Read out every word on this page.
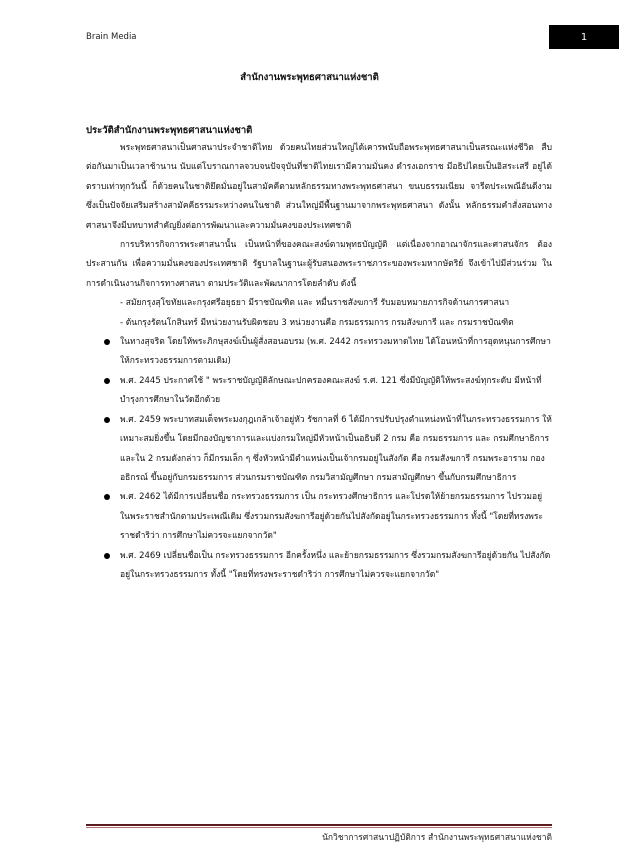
Brain Media	1
สำนักงานพระพุทธศาสนาแห่งชาติ
ประวัติสำนักงานพระพุทธศาสนาแห่งชาติ

พระพุทธศาสนาเป็นศาสนาประจำชาติไทย ด้วยคนไทยส่วนใหญ่ได้เคารพนับถือพระพุทธศาสนาเป็นสรณะแห่งชีวิต สืบต่อกันมาเป็นเวลาช้านาน นับแต่โบราณกาลจวบจนปัจจุบันที่ชาติไทยเรามีความมั่นคง ดำรงเอกราช มีอธิปไตยเป็นอิสระเสรี อยู่ได้ตราบเท่าทุกวันนี้ ก็ด้วยคนในชาติยึดมั่นอยู่ในสามัคคีตามหลักธรรมทางพระพุทธศาสนา ขนบธรรมเนียม จารีตประเพณีอันดีงาม ซึ่งเป็นปัจจัยเสริมสร้างสามัคคีธรรมระหว่างคนในชาติ ส่วนใหญ่มีพื้นฐานมาจากพระพุทธศาสนา ดังนั้น หลักธรรมคำสั่งสอนทางศาสนาจึงมีบทบาทสำคัญยิ่งต่อการพัฒนาและความมั่นคงของประเทศชาติ

การบริหารกิจการพระศาสนานั้น เป็นหน้าที่ของคณะสงฆ์ตามพุทธบัญญัติ แต่เนื่องจากอาณาจักรและศาสนจักร ต้องประสานกัน เพื่อความมั่นคงของประเทศชาติ รัฐบาลในฐานะผู้รับสนองพระราชภาระของพระมหากษัตริย์ จึงเข้าไปมีส่วนร่วม ในการดำเนินงานกิจการทางศาสนา ตามประวัติและพัฒนาการโดยลำดับ ดังนี้

- สมัยกรุงสุโขทัยและกรุงศรีอยุธยา มีราชบัณฑิต และ หมื่นราชสังฆการี รับมอบหมายภารกิจด้านการศาสนา

- ต้นกรุงรัตนโกสินทร์ มีหน่วยงานรับผิดชอบ 3 หน่วยงานคือ กรมธรรมการ กรมสังฆการี และ กรมราชบัณฑิต

ในทางสุจริต โดยให้พระภิกษุสงฆ์เป็นผู้สั่งสอนอบรม (พ.ศ. 2442 กระทรวงมหาดไทย ได้โอนหน้าที่การอุดหนุนการศึกษา ให้กระทรวงธรรมการตามเดิม)
พ.ศ. 2445 ประกาศใช้ " พระราชบัญญัติลักษณะปกครองคณะสงฆ์ ร.ศ. 121 ซึ่งมีบัญญัติให้พระสงฆ์ทุกระดับ มีหน้าที่บำรุงการศึกษาในวัดอีกด้วย
พ.ศ. 2459 พระบาทสมเด็จพระมงกุฎเกล้าเจ้าอยู่หัว รัชกาลที่ 6 ได้มีการปรับปรุงตำแหน่งหน้าที่ในกระทรวงธรรมการ ให้เหมาะสมยิ่งขึ้น โดยมีกองบัญชาการและแบ่งกรมใหญ่มีหัวหน้าเป็นอธิบดี 2 กรม คือ กรมธรรมการ และ กรมศึกษาธิการ และใน 2 กรมดังกล่าว ก็มีกรมเล็ก ๆ ซึ่งหัวหน้ามีตำแหน่งเป็นเจ้ากรมอยู่ในสังกัด คือ กรมสังฆการี กรมพระอาราม กองอธิกรณ์ ขึ้นอยู่กับกรมธรรมการ ส่วนกรมราชบัณฑิต กรมวิสามัญศึกษา กรมสามัญศึกษา ขึ้นกับกรมศึกษาธิการ
พ.ศ. 2462 ได้มีการเปลี่ยนชื่อ กระทรวงธรรมการ เป็น กระทรวงศึกษาธิการ และโปรดให้ย้ายกรมธรรมการ ไปรวมอยู่ในพระราชสำนักตามประเพณีเดิม ซึ่งรวมกรมสังฆการีอยู่ด้วยกันไปสังกัดอยู่ในกระทรวงธรรมการ ทั้งนี้ "โดยที่ทรงพระราชดำริว่า การศึกษาไม่ควรจะแยกจากวัด"
พ.ศ. 2469 เปลี่ยนชื่อเป็น กระทรวงธรรมการ อีกครั้งหนึ่ง และย้ายกรมธรรมการ ซึ่งรวมกรมสังฆการีอยู่ด้วยกัน ไปสังกัดอยู่ในกระทรวงธรรมการ ทั้งนี้ "โดยที่ทรงพระราชดำริว่า การศึกษาไม่ควรจะแยกจากวัด"
นักวิชาการศาสนาปฏิบัติการ สำนักงานพระพุทธศาสนาแห่งชาติ
